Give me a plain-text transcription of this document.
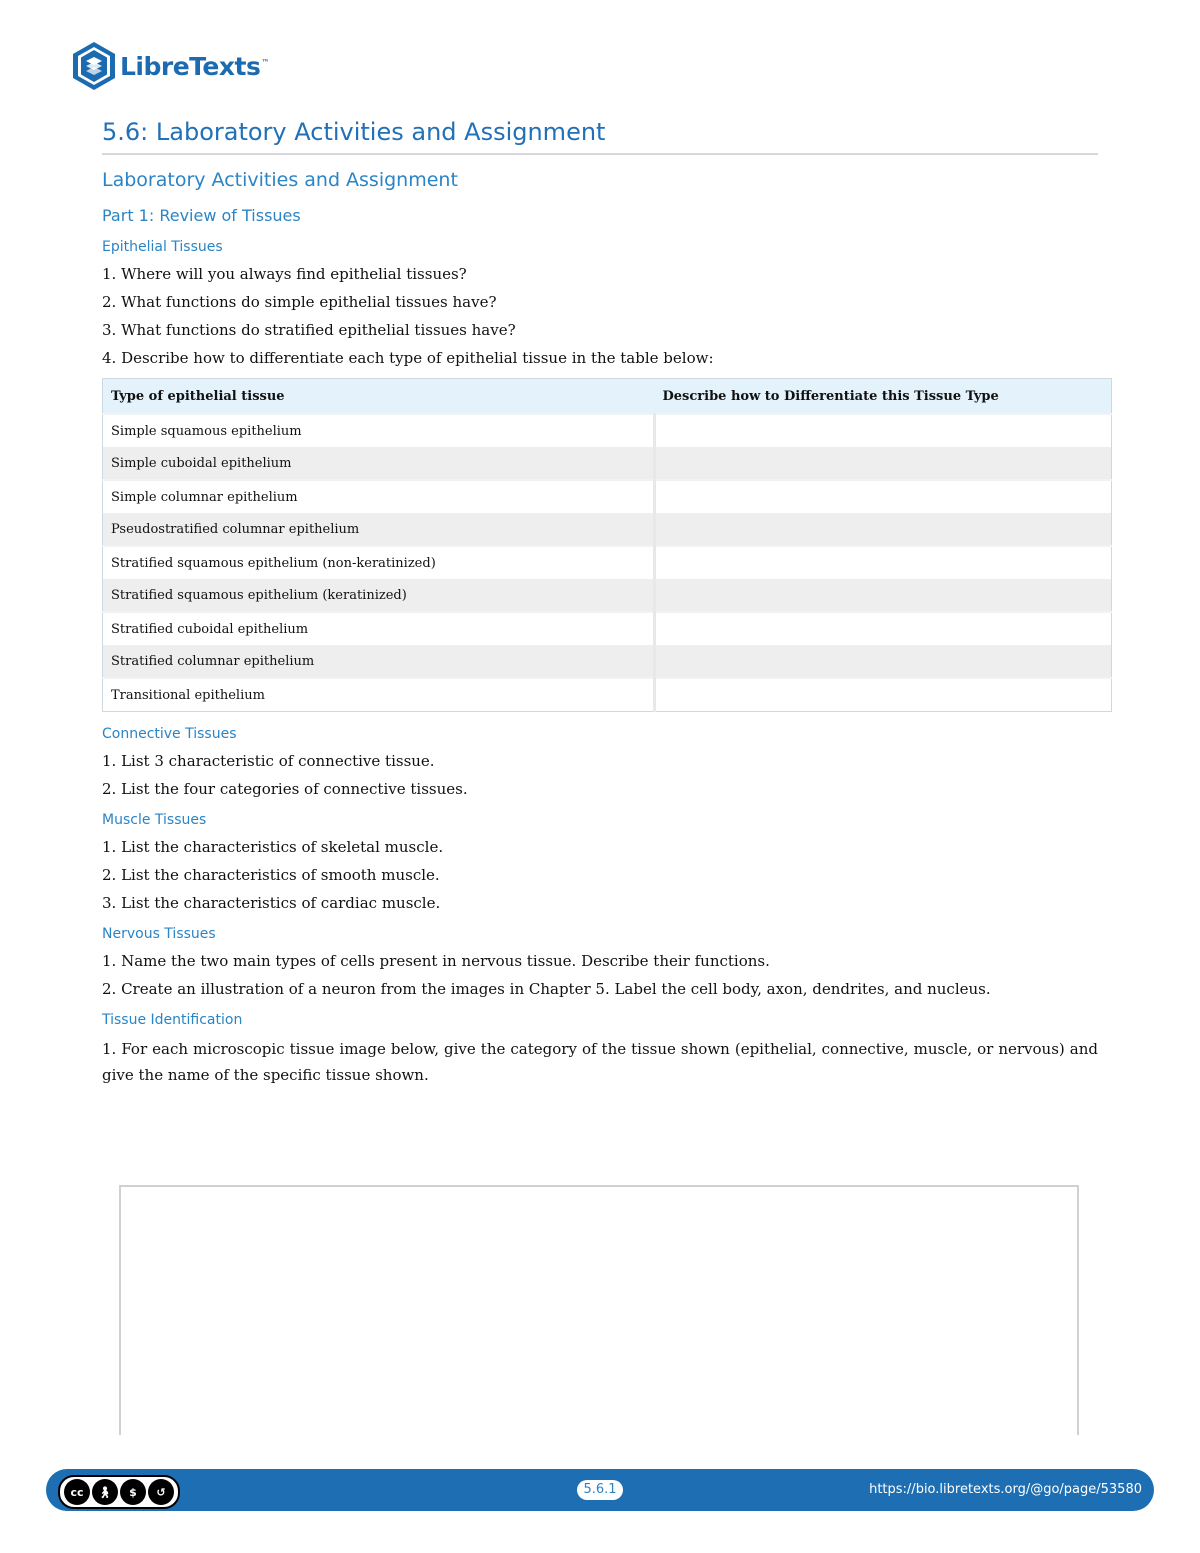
LibreTexts™
5.6: Laboratory Activities and Assignment
Laboratory Activities and Assignment
Part 1: Review of Tissues
Epithelial Tissues

1. Where will you always find epithelial tissues?

2. What functions do simple epithelial tissues have?

3. What functions do stratified epithelial tissues have?

4. Describe how to differentiate each type of epithelial tissue in the table below:

Type of epithelial tissue	Describe how to Differentiate this Tissue Type
Simple squamous epithelium	
Simple cuboidal epithelium	
Simple columnar epithelium	
Pseudostratified columnar epithelium	
Stratified squamous epithelium (non-keratinized)	
Stratified squamous epithelium (keratinized)	
Stratified cuboidal epithelium	
Stratified columnar epithelium	
Transitional epithelium	
Connective Tissues

1. List 3 characteristic of connective tissue.

2. List the four categories of connective tissues.

Muscle Tissues

1. List the characteristics of skeletal muscle.

2. List the characteristics of smooth muscle.

3. List the characteristics of cardiac muscle.

Nervous Tissues

1. Name the two main types of cells present in nervous tissue. Describe their functions.

2. Create an illustration of a neuron from the images in Chapter 5. Label the cell body, axon, dendrites, and nucleus.

Tissue Identification

1. For each microscopic tissue image below, give the category of the tissue shown (epithelial, connective, muscle, or nervous) and give the name of the specific tissue shown.

cc	🚶︎	$	↺	5.6.1	https://bio.libretexts.org/@go/page/53580
